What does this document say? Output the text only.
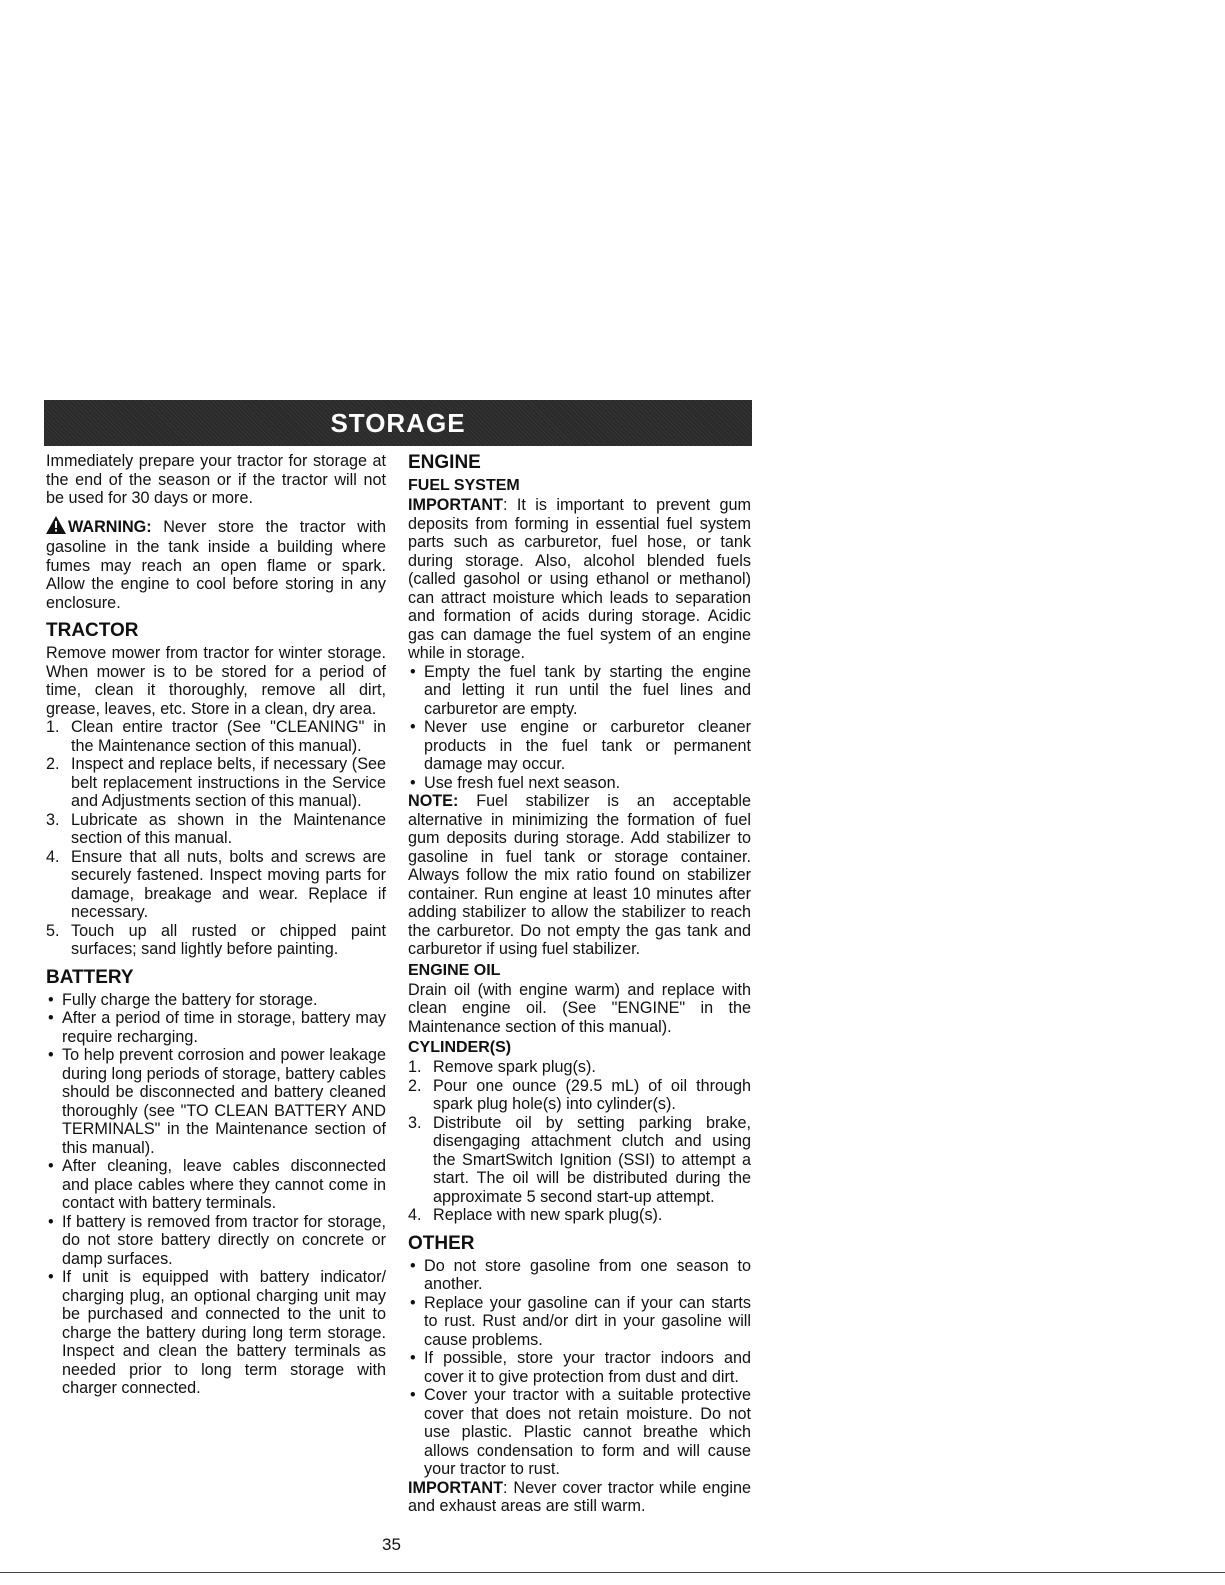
STORAGE

Immediately prepare your tractor for storage at the end of the season or if the tractor will not be used for 30 days or more.

WARNING: Never store the tractor with gasoline in the tank inside a building where fumes may reach an open flame or spark. Allow the engine to cool before storing in any enclosure.

TRACTOR

Remove mower from tractor for winter storage. When mower is to be stored for a period of time, clean it thoroughly, remove all dirt, grease, leaves, etc. Store in a clean, dry area.

1. Clean entire tractor (See "CLEANING" in the Maintenance section of this manual).
2. Inspect and replace belts, if necessary (See belt replacement instructions in the Service and Adjustments section of this manual).
3. Lubricate as shown in the Maintenance section of this manual.
4. Ensure that all nuts, bolts and screws are securely fastened. Inspect moving parts for damage, breakage and wear. Replace if necessary.
5. Touch up all rusted or chipped paint surfaces; sand lightly before painting.
BATTERY
• Fully charge the battery for storage.
• After a period of time in storage, battery may require recharging.
• To help prevent corrosion and power leakage during long periods of storage, battery cables should be disconnected and battery cleaned thoroughly (see "TO CLEAN BATTERY AND TERMINALS" in the Maintenance section of this manual).
• After cleaning, leave cables disconnected and place cables where they cannot come in contact with battery terminals.
• If battery is removed from tractor for storage, do not store battery directly on concrete or damp surfaces.
• If unit is equipped with battery indicator/ charging plug, an optional charging unit may be purchased and connected to the unit to charge the battery during long term storage. Inspect and clean the battery terminals as needed prior to long term storage with charger connected.
ENGINE
FUEL SYSTEM

IMPORTANT: It is important to prevent gum deposits from forming in essential fuel system parts such as carburetor, fuel hose, or tank during storage. Also, alcohol blended fuels (called gasohol or using ethanol or methanol) can attract moisture which leads to separation and formation of acids during storage. Acidic gas can damage the fuel system of an engine while in storage.

• Empty the fuel tank by starting the engine and letting it run until the fuel lines and carburetor are empty.
• Never use engine or carburetor cleaner products in the fuel tank or permanent damage may occur.
• Use fresh fuel next season.

NOTE: Fuel stabilizer is an acceptable alternative in minimizing the formation of fuel gum deposits during storage. Add stabilizer to gasoline in fuel tank or storage container. Always follow the mix ratio found on stabilizer container. Run engine at least 10 minutes after adding stabilizer to allow the stabilizer to reach the carburetor. Do not empty the gas tank and carburetor if using fuel stabilizer.

ENGINE OIL

Drain oil (with engine warm) and replace with clean engine oil. (See "ENGINE" in the Maintenance section of this manual).

CYLINDER(S)
1. Remove spark plug(s).
2. Pour one ounce (29.5 mL) of oil through spark plug hole(s) into cylinder(s).
3. Distribute oil by setting parking brake, disengaging attachment clutch and using the SmartSwitch Ignition (SSI) to attempt a start. The oil will be distributed during the approximate 5 second start-up attempt.
4. Replace with new spark plug(s).
OTHER
• Do not store gasoline from one season to another.
• Replace your gasoline can if your can starts to rust. Rust and/or dirt in your gasoline will cause problems.
• If possible, store your tractor indoors and cover it to give protection from dust and dirt.
• Cover your tractor with a suitable protective cover that does not retain moisture. Do not use plastic. Plastic cannot breathe which allows condensation to form and will cause your tractor to rust.

IMPORTANT: Never cover tractor while engine and exhaust areas are still warm.

35
